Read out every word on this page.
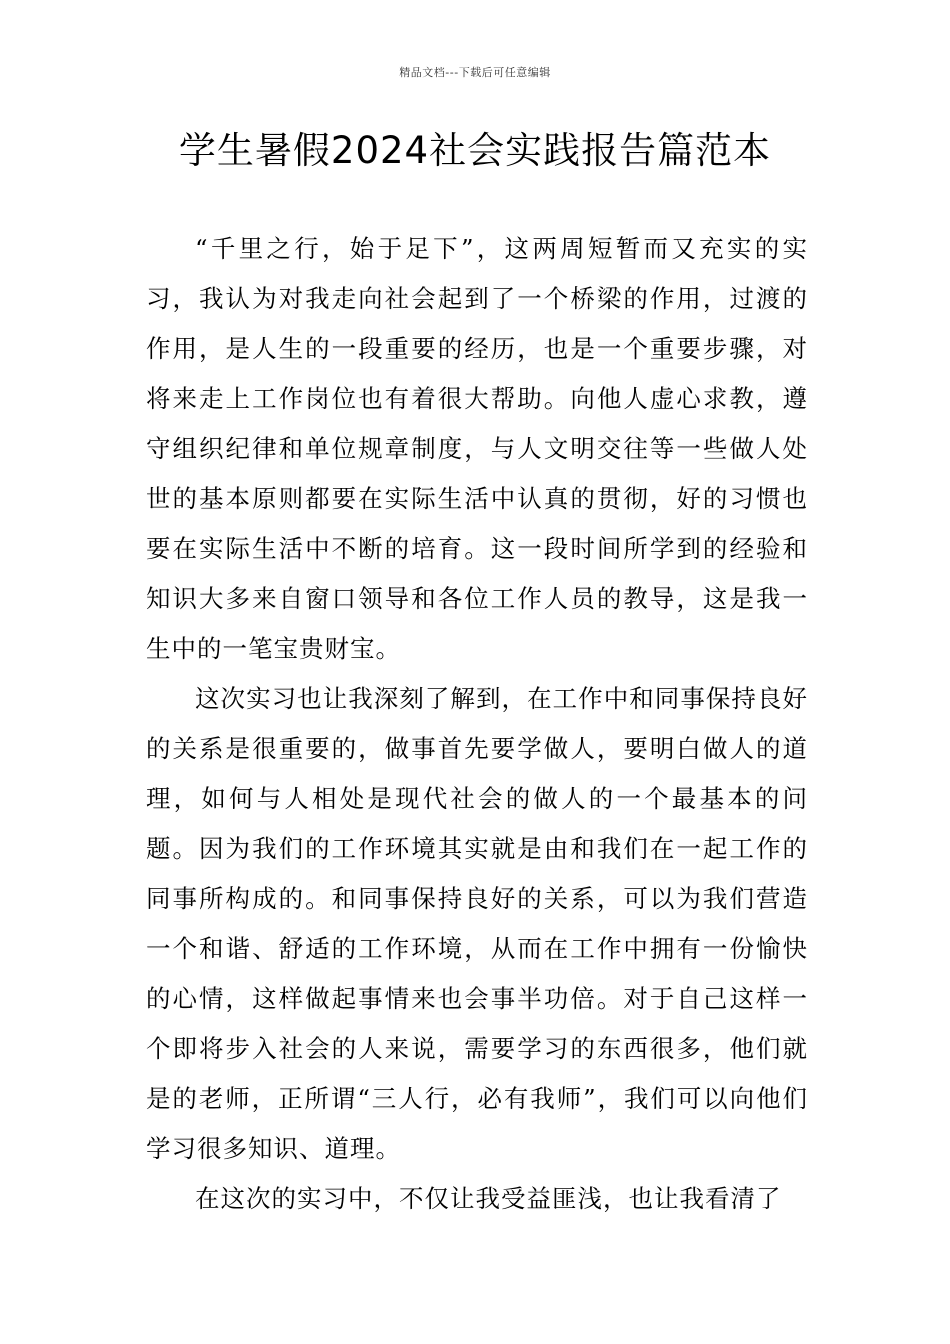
精品文档---下载后可任意编辑
学生暑假2024社会实践报告篇范本

“千里之行，始于足下”，这两周短暂而又充实的实习，我认为对我走向社会起到了一个桥梁的作用，过渡的作用，是人生的一段重要的经历，也是一个重要步骤，对将来走上工作岗位也有着很大帮助。向他人虚心求教，遵守组织纪律和单位规章制度，与人文明交往等一些做人处世的基本原则都要在实际生活中认真的贯彻，好的习惯也要在实际生活中不断的培育。这一段时间所学到的经验和知识大多来自窗口领导和各位工作人员的教导，这是我一生中的一笔宝贵财宝。

这次实习也让我深刻了解到，在工作中和同事保持良好的关系是很重要的，做事首先要学做人，要明白做人的道理，如何与人相处是现代社会的做人的一个最基本的问题。因为我们的工作环境其实就是由和我们在一起工作的同事所构成的。和同事保持良好的关系，可以为我们营造一个和谐、舒适的工作环境，从而在工作中拥有一份愉快的心情，这样做起事情来也会事半功倍。对于自己这样一个即将步入社会的人来说，需要学习的东西很多，他们就是的老师，正所谓“三人行，必有我师”，我们可以向他们学习很多知识、道理。

在这次的实习中，不仅让我受益匪浅，也让我看清了
